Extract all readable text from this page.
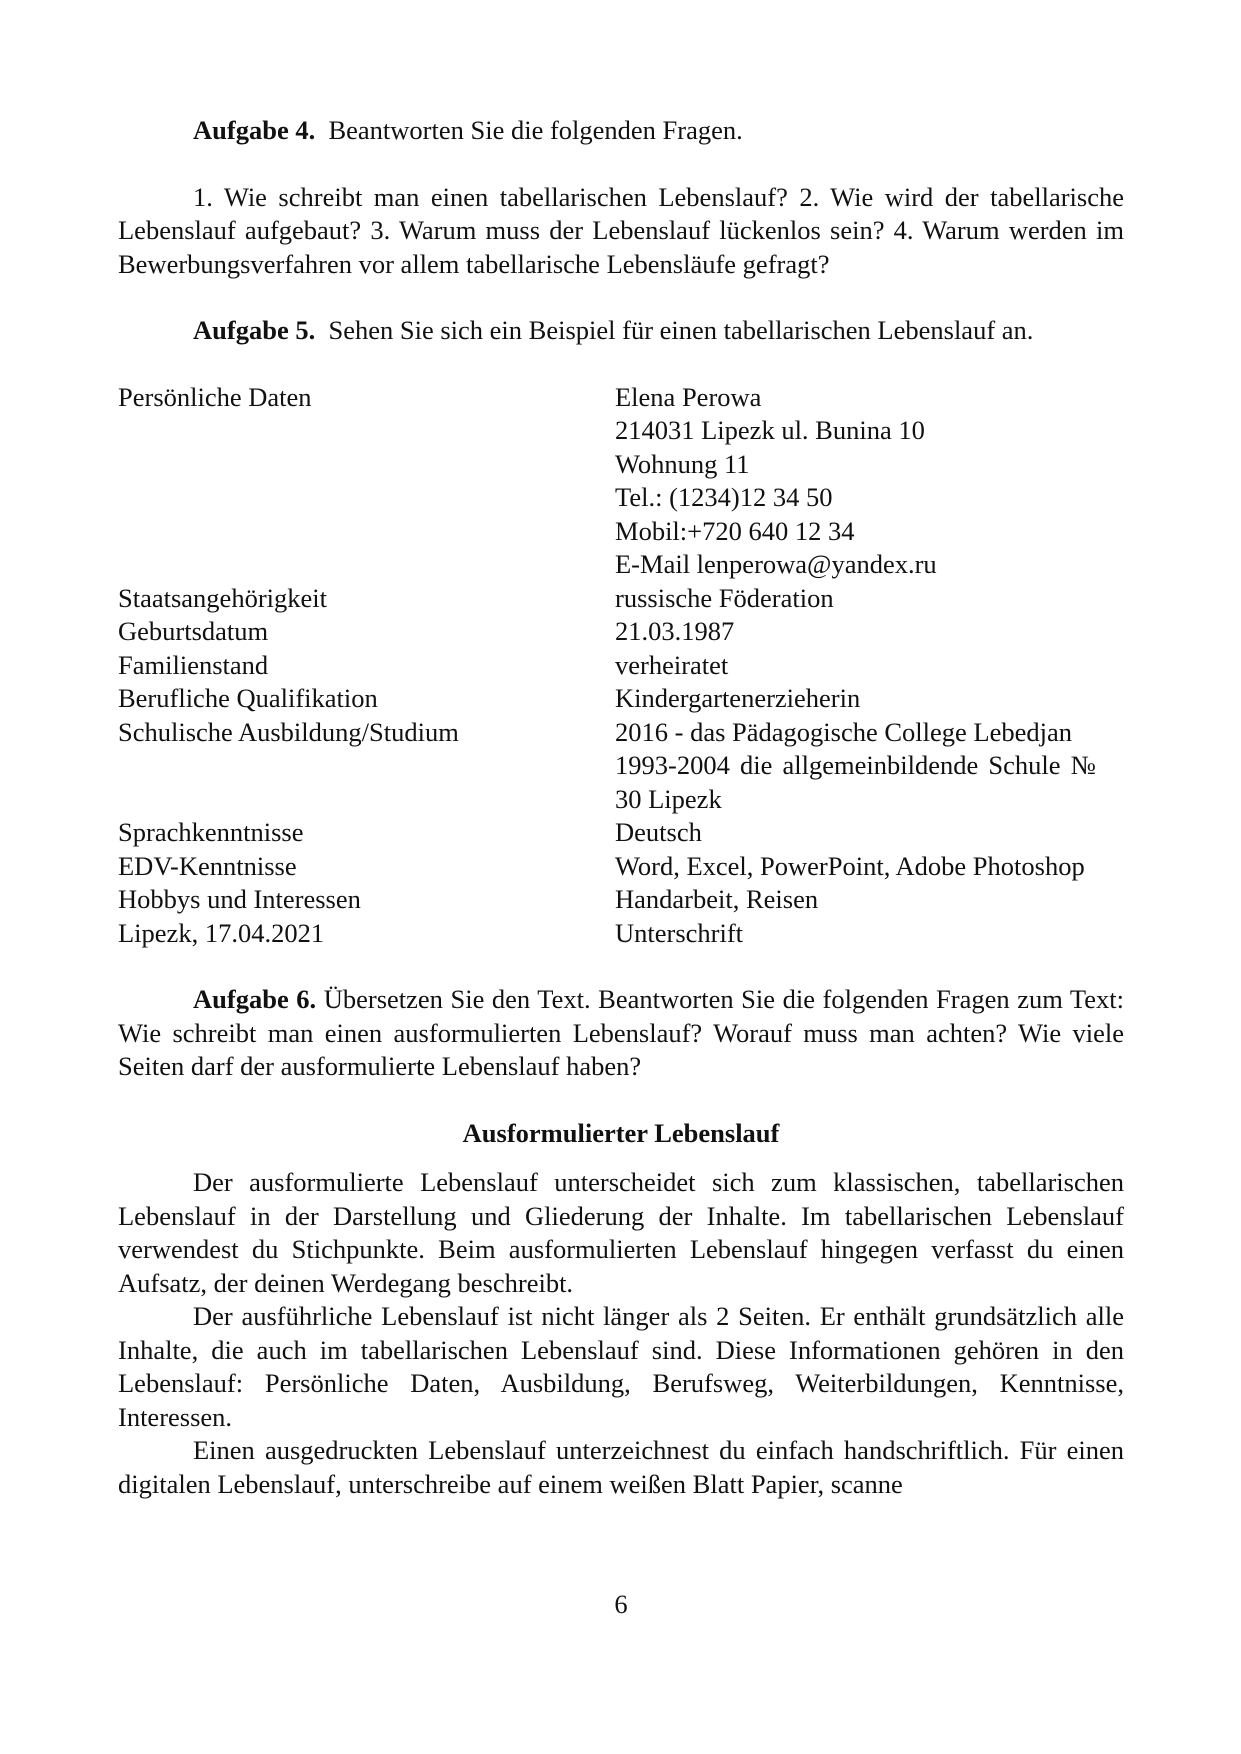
Aufgabe 4. Beantworten Sie die folgenden Fragen.

1. Wie schreibt man einen tabellarischen Lebenslauf? 2. Wie wird der tabellarische Lebenslauf aufgebaut? 3. Warum muss der Lebenslauf lückenlos sein? 4. Warum werden im Bewerbungsverfahren vor allem tabellarische Lebensläufe gefragt?

Aufgabe 5. Sehen Sie sich ein Beispiel für einen tabellarischen Lebenslauf an.

Persönliche Daten	Elena Perowa
214031 Lipezk ul. Bunina 10
Wohnung 11
Tel.: (1234)12 34 50
Mobil:+720 640 12 34
E-Mail lenperowa@yandex.ru
Staatsangehörigkeit	russische Föderation
Geburtsdatum	21.03.1987
Familienstand	verheiratet
Berufliche Qualifikation	Kindergartenerzieherin
Schulische Ausbildung/Studium	2016 - das Pädagogische College Lebedjan
1993-2004 die allgemeinbildende Schule № 30 Lipezk
Sprachkenntnisse	Deutsch
EDV-Kenntnisse	Word, Excel, PowerPoint, Adobe Photoshop
Hobbys und Interessen	Handarbeit, Reisen
Lipezk, 17.04.2021	Unterschrift

Aufgabe 6. Übersetzen Sie den Text. Beantworten Sie die folgenden Fragen zum Text: Wie schreibt man einen ausformulierten Lebenslauf? Worauf muss man achten? Wie viele Seiten darf der ausformulierte Lebenslauf haben?

Ausformulierter Lebenslauf

Der ausformulierte Lebenslauf unterscheidet sich zum klassischen, tabellarischen Lebenslauf in der Darstellung und Gliederung der Inhalte. Im tabellarischen Lebenslauf verwendest du Stichpunkte. Beim ausformulierten Lebenslauf hingegen verfasst du einen Aufsatz, der deinen Werdegang beschreibt.

Der ausführliche Lebenslauf ist nicht länger als 2 Seiten. Er enthält grundsätzlich alle Inhalte, die auch im tabellarischen Lebenslauf sind. Diese Informationen gehören in den Lebenslauf: Persönliche Daten, Ausbildung, Berufsweg, Weiterbildungen, Kenntnisse, Interessen.

Einen ausgedruckten Lebenslauf unterzeichnest du einfach handschriftlich. Für einen digitalen Lebenslauf, unterschreibe auf einem weißen Blatt Papier, scanne

6
